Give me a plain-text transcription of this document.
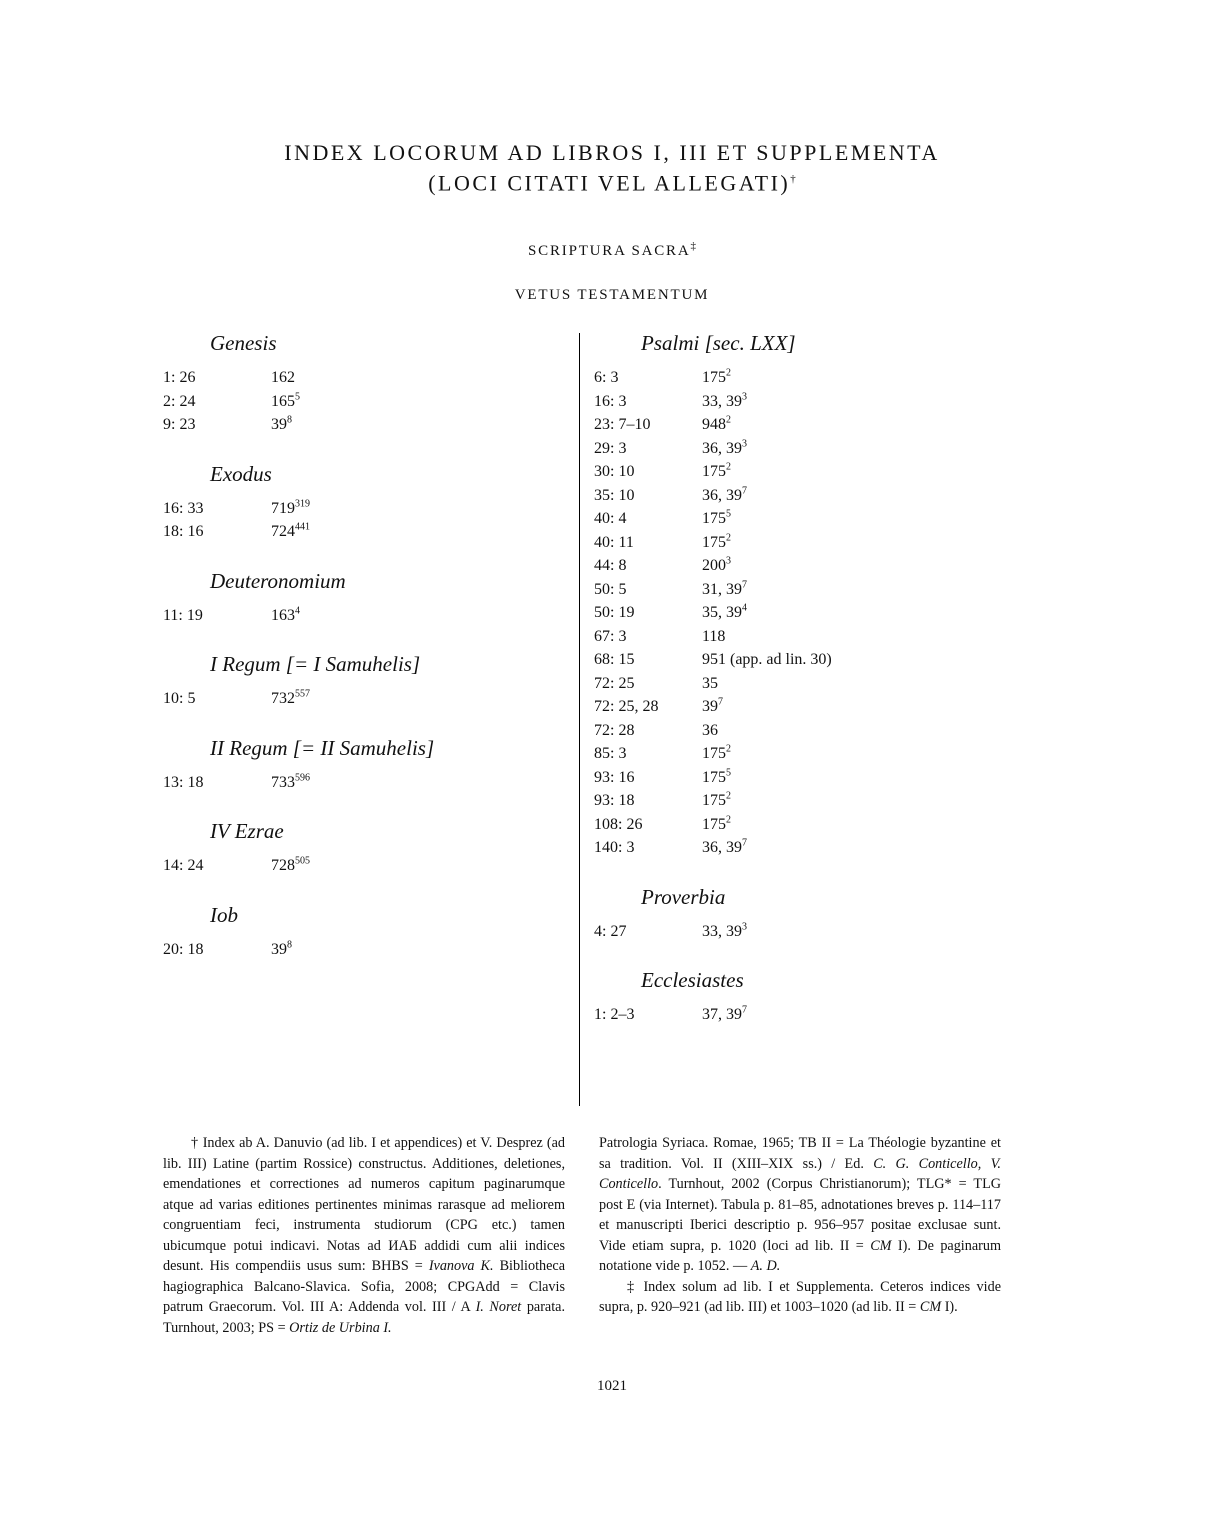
INDEX LOCORUM AD LIBROS I, III ET SUPPLEMENTA
(LOCI CITATI VEL ALLEGATI)†
SCRIPTURA SACRA‡
VETUS TESTAMENTUM
Genesis
1: 26	162
2: 24	$165^5$
9: 23	$39^8$
Exodus
16: 33	$719^{319}$
18: 16	$724^{441}$
Deuteronomium
11: 19	$163^4$
I Regum [= I Samuhelis]
10: 5	$732^{557}$
II Regum [= II Samuhelis]
13: 18	$733^{596}$
IV Ezrae
14: 24	$728^{505}$
Iob
20: 18	$39^8$
Psalmi [sec. LXX]
6: 3	$175^2$
16: 3	33, $39^3$
23: 7–10	$948^2$
29: 3	36, $39^3$
30: 10	$175^2$
35: 10	36, $39^7$
40: 4	$175^5$
40: 11	$175^2$
44: 8	$200^3$
50: 5	31, $39^7$
50: 19	35, $39^4$
67: 3	118
68: 15	951 (app. ad lin. 30)
72: 25	35
72: 25, 28	$39^7$
72: 28	36
85: 3	$175^2$
93: 16	$175^5$
93: 18	$175^2$
108: 26	$175^2$
140: 3	36, $39^7$
Proverbia
4: 27	33, $39^3$
Ecclesiastes
1: 2–3	37, $39^7$

† Index ab A. Danuvio (ad lib. I et appendices) et V. Desprez (ad lib. III) Latine (partim Rossice) constructus. Additiones, deletiones, emendationes et correctiones ad numeros capitum paginarumque atque ad varias editiones pertinentes minimas rarasque ad meliorem congruentiam feci, instrumenta studiorum (CPG etc.) tamen ubicumque potui indicavi. Notas ad ИАБ addidi cum alii indices desunt. His compendiis usus sum: BHBS = Ivanova K. Bibliotheca hagiographica Balcano-Slavica. Sofia, 2008; CPGAdd = Clavis patrum Graecorum. Vol. III A: Addenda vol. III / A I. Noret parata. Turnhout, 2003; PS = Ortiz de Urbina I.

Patrologia Syriaca. Romae, 1965; TB II = La Théologie byzantine et sa tradition. Vol. II (XIII–XIX ss.) / Ed. C. G. Conticello, V. Conticello. Turnhout, 2002 (Corpus Christianorum); TLG* = TLG post E (via Internet). Tabula p. 81–85, adnotationes breves p. 114–117 et manuscripti Iberici descriptio p. 956–957 positae exclusae sunt. Vide etiam supra, p. 1020 (loci ad lib. II = CM I). De paginarum notatione vide p. 1052. — A. D.

‡ Index solum ad lib. I et Supplementa. Ceteros indices vide supra, p. 920–921 (ad lib. III) et 1003–1020 (ad lib. II = CM I).

1021
